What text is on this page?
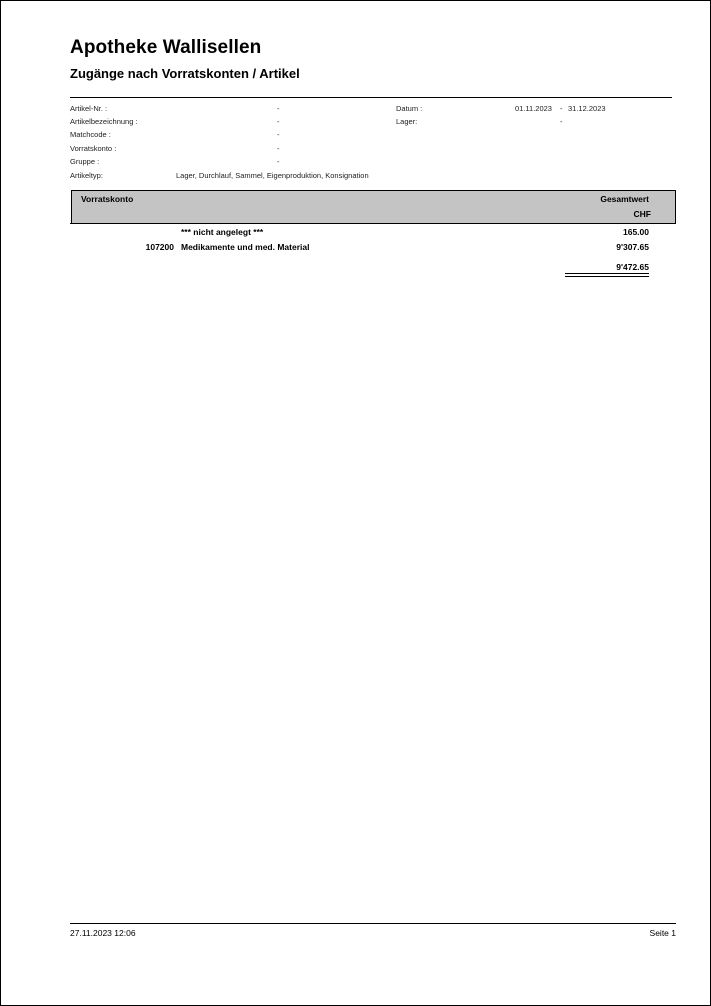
Apotheke Wallisellen
Zugänge nach Vorratskonten / Artikel
Artikel-Nr. :	-
Artikelbezeichnung :	-
Matchcode :	-
Vorratskonto :	-
Gruppe :	-
Artikeltyp:	Lager, Durchlauf, Sammel, Eigenproduktion, Konsignation
Datum :	01.11.2023 - 31.12.2023
Lager:	-
Vorratskonto	Gesamtwert
CHF
*** nicht angelegt ***	165.00
107200 Medikamente und med. Material	9'307.65
9'472.65
27.11.2023 12:06	Seite 1
